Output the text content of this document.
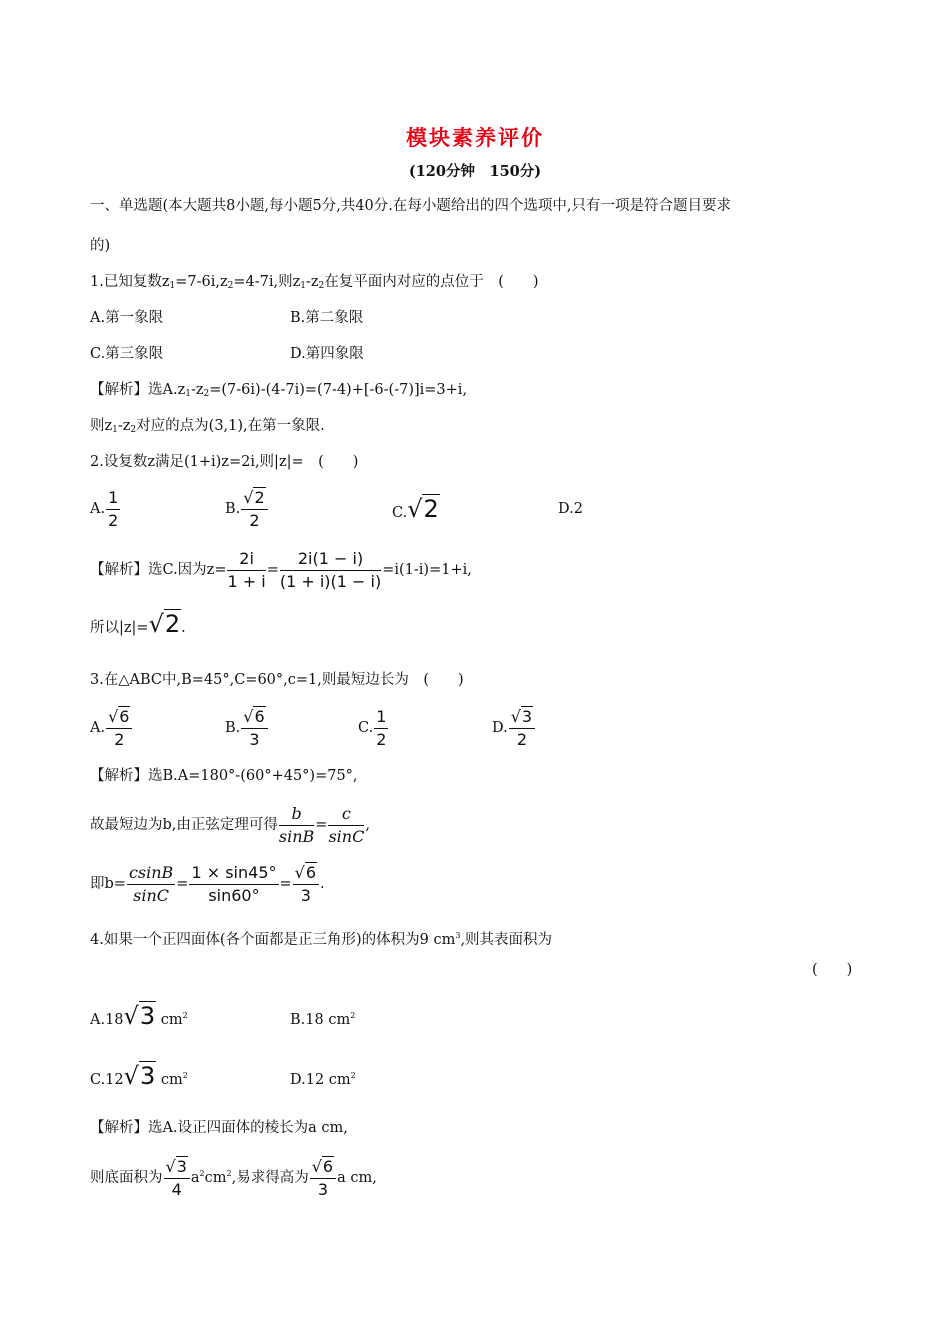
模块素养评价
(120分钟　150分)
一、单选题(本大题共8小题,每小题5分,共40分.在每小题给出的四个选项中,只有一项是符合题目要求
的)
1.已知复数$z_1=7-6i,z_2=4-7i$,则$z_1-z_2$在复平面内对应的点位于　(　　)
A.第一象限	B.第二象限
C.第三象限	D.第四象限
【解析】选$A.z_1-z_2=(7-6i)-(4-7i)=(7-4)+[-6-(-7)]i=3+i$,
则$z_1-z_2$对应的点为(3,1),在第一象限.
2.设复数z满足(1+i)z=2i,则|z|=　(　　)
A. $\frac{1}{2}$	B. $\frac{√2}{2}$	C.√2	D.2
【解析】选C.因为$z= \frac{2i}{1 + i} = \frac{2i(1 - i)}{(1 + i)(1 - i)} =i(1-i)=1+i$,
所以|z|=√2.
3.在△ABC中,B=45°,C=60°,c=1,则最短边长为　(　　)
A. $\frac{√6}{2}$	B. $\frac{√6}{3}$	C. $\frac{1}{2}$	D. $\frac{√3}{2}$
【解析】选B.A=180°-(60°+45°)=75°,
故最短边为b,由正弦定理可得 $\frac{b}{\sin B} = \frac{c}{\sin C}$ ,
即$b= \frac{csinB}{\sin C} = \frac{1 \times \sin 45^\circ}{\sin 60^\circ} = \frac{√6}{3}$ .
4.如果一个正四面体(各个面都是正三角形)的体积为9 $cm^3$,则其表面积为
(　　)
A.18√3 $cm^2$	B.18 $cm^2$
C.12√3 $cm^2$	D.12 $cm^2$
【解析】选A.设正四面体的棱长为a cm,
则底面积为 $\frac{√3}{4} a^2cm^2$,易求得高为 $\frac{√6}{3}$ a cm,
